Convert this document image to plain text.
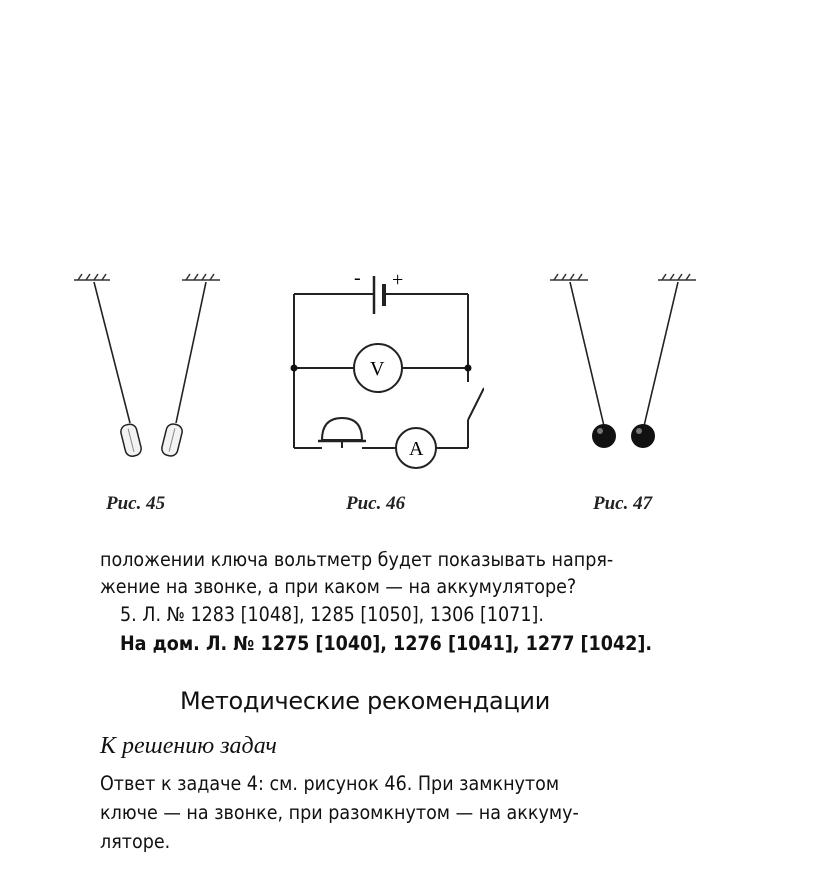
Рис. 45
- +
V
A
Рис. 46	Рис. 47
положении ключа вольтметр будет показывать напря-
жение на звонке, а при каком — на аккумуляторе?
5. Л. № 1283 [1048], 1285 [1050], 1306 [1071].
На дом. Л. № 1275 [1040], 1276 [1041], 1277 [1042].
Методические рекомендации
К решению задач
Ответ к задаче 4: см. рисунок 46. При замкнутом
ключе — на звонке, при разомкнутом — на аккуму-
ляторе.
